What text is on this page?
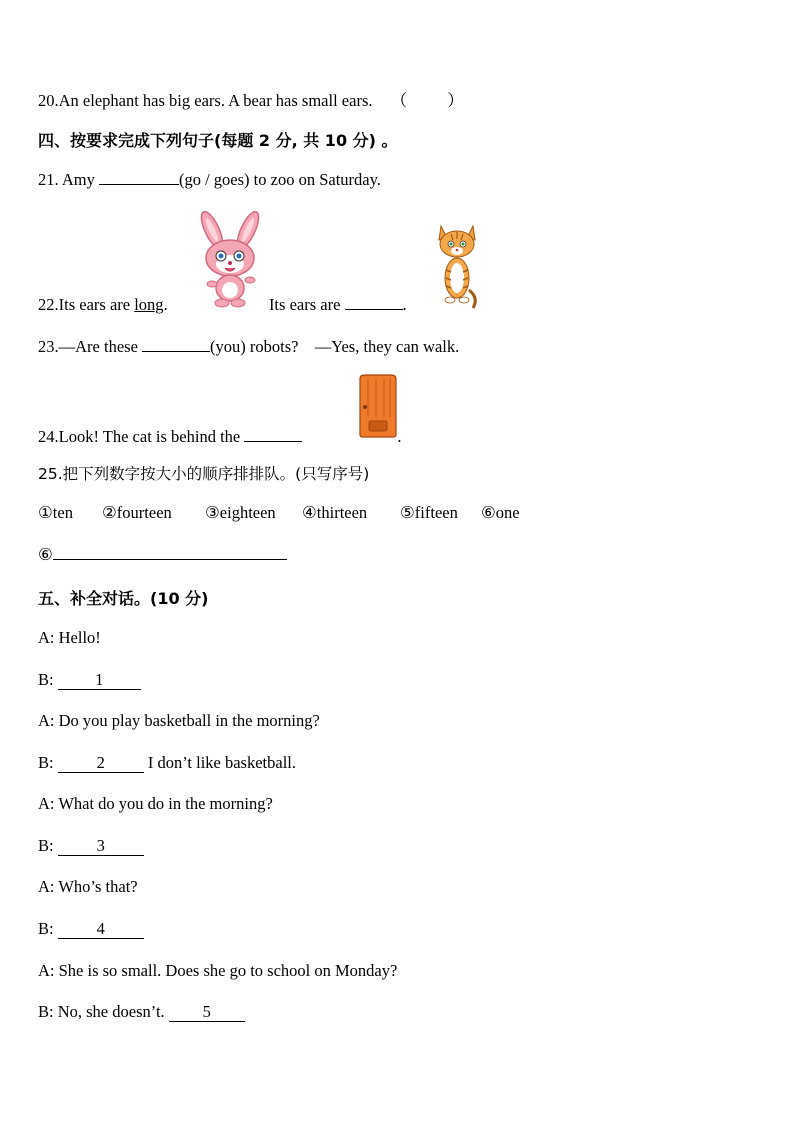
20.An elephant has big ears. A bear has small ears. （ ）
四、按要求完成下列句子(每题 2 分, 共 10 分) 。
21. Amy	(go / goes) to zoo on Saturday.
22.Its ears are long.	Its ears are	.
23.—Are these	(you) robots? —Yes, they can walk.
24.Look! The cat is behind the	.
25.把下列数字按大小的顺序排排队。(只写序号)
①ten ②fourteen ③eighteen ④thirteen ⑤fifteen ⑥one
⑥
五、补全对话。(10 分)
A: Hello!
B: 1
A: Do you play basketball in the morning?
B: 2 I don’t like basketball.
A: What do you do in the morning?
B: 3
A: Who’s that?
B: 4
A: She is so small. Does she go to school on Monday?
B: No, she doesn’t. 5
